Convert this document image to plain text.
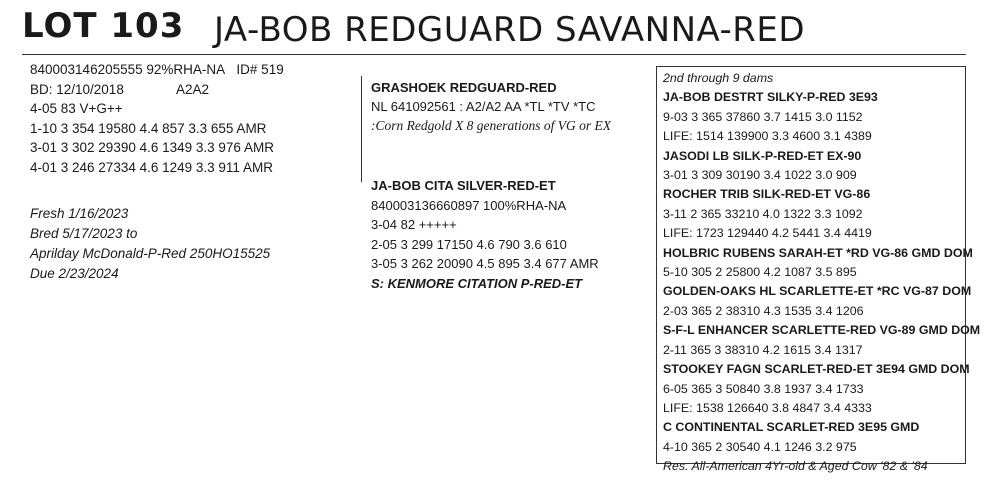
LOT 103 JA-BOB REDGUARD SAVANNA-RED
840003146205555 92%RHA-NA ID# 519
BD: 12/10/2018	A2A2
4-05 83 V+G++
1-10 3 354 19580 4.4 857 3.3 655 AMR
3-01 3 302 29390 4.6 1349 3.3 976 AMR
4-01 3 246 27334 4.6 1249 3.3 911 AMR
Fresh 1/16/2023
Bred 5/17/2023 to
Aprilday McDonald-P-Red 250HO15525
Due 2/23/2024
GRASHOEK REDGUARD-RED
NL 641092561 : A2/A2 AA *TL *TV *TC
:Corn Redgold X 8 generations of VG or EX
JA-BOB CITA SILVER-RED-ET
840003136660897 100%RHA-NA
3-04 82 +++++
2-05 3 299 17150 4.6 790 3.6 610
3-05 3 262 20090 4.5 895 3.4 677 AMR
S: KENMORE CITATION P-RED-ET
2nd through 9 dams
JA-BOB DESTRT SILKY-P-RED 3E93
9-03 3 365 37860 3.7 1415 3.0 1152
LIFE: 1514 139900 3.3 4600 3.1 4389
JASODI LB SILK-P-RED-ET EX-90
3-01 3 309 30190 3.4 1022 3.0 909
ROCHER TRIB SILK-RED-ET VG-86
3-11 2 365 33210 4.0 1322 3.3 1092
LIFE: 1723 129440 4.2 5441 3.4 4419
HOLBRIC RUBENS SARAH-ET *RD VG-86 GMD DOM
5-10 305 2 25800 4.2 1087 3.5 895
GOLDEN-OAKS HL SCARLETTE-ET *RC VG-87 DOM
2-03 365 2 38310 4.3 1535 3.4 1206
S-F-L ENHANCER SCARLETTE-RED VG-89 GMD DOM
2-11 365 3 38310 4.2 1615 3.4 1317
STOOKEY FAGN SCARLET-RED-ET 3E94 GMD DOM
6-05 365 3 50840 3.8 1937 3.4 1733
LIFE: 1538 126640 3.8 4847 3.4 4333
C CONTINENTAL SCARLET-RED 3E95 GMD
4-10 365 2 30540 4.1 1246 3.2 975
Res. All-American 4Yr-old & Aged Cow '82 & '84
